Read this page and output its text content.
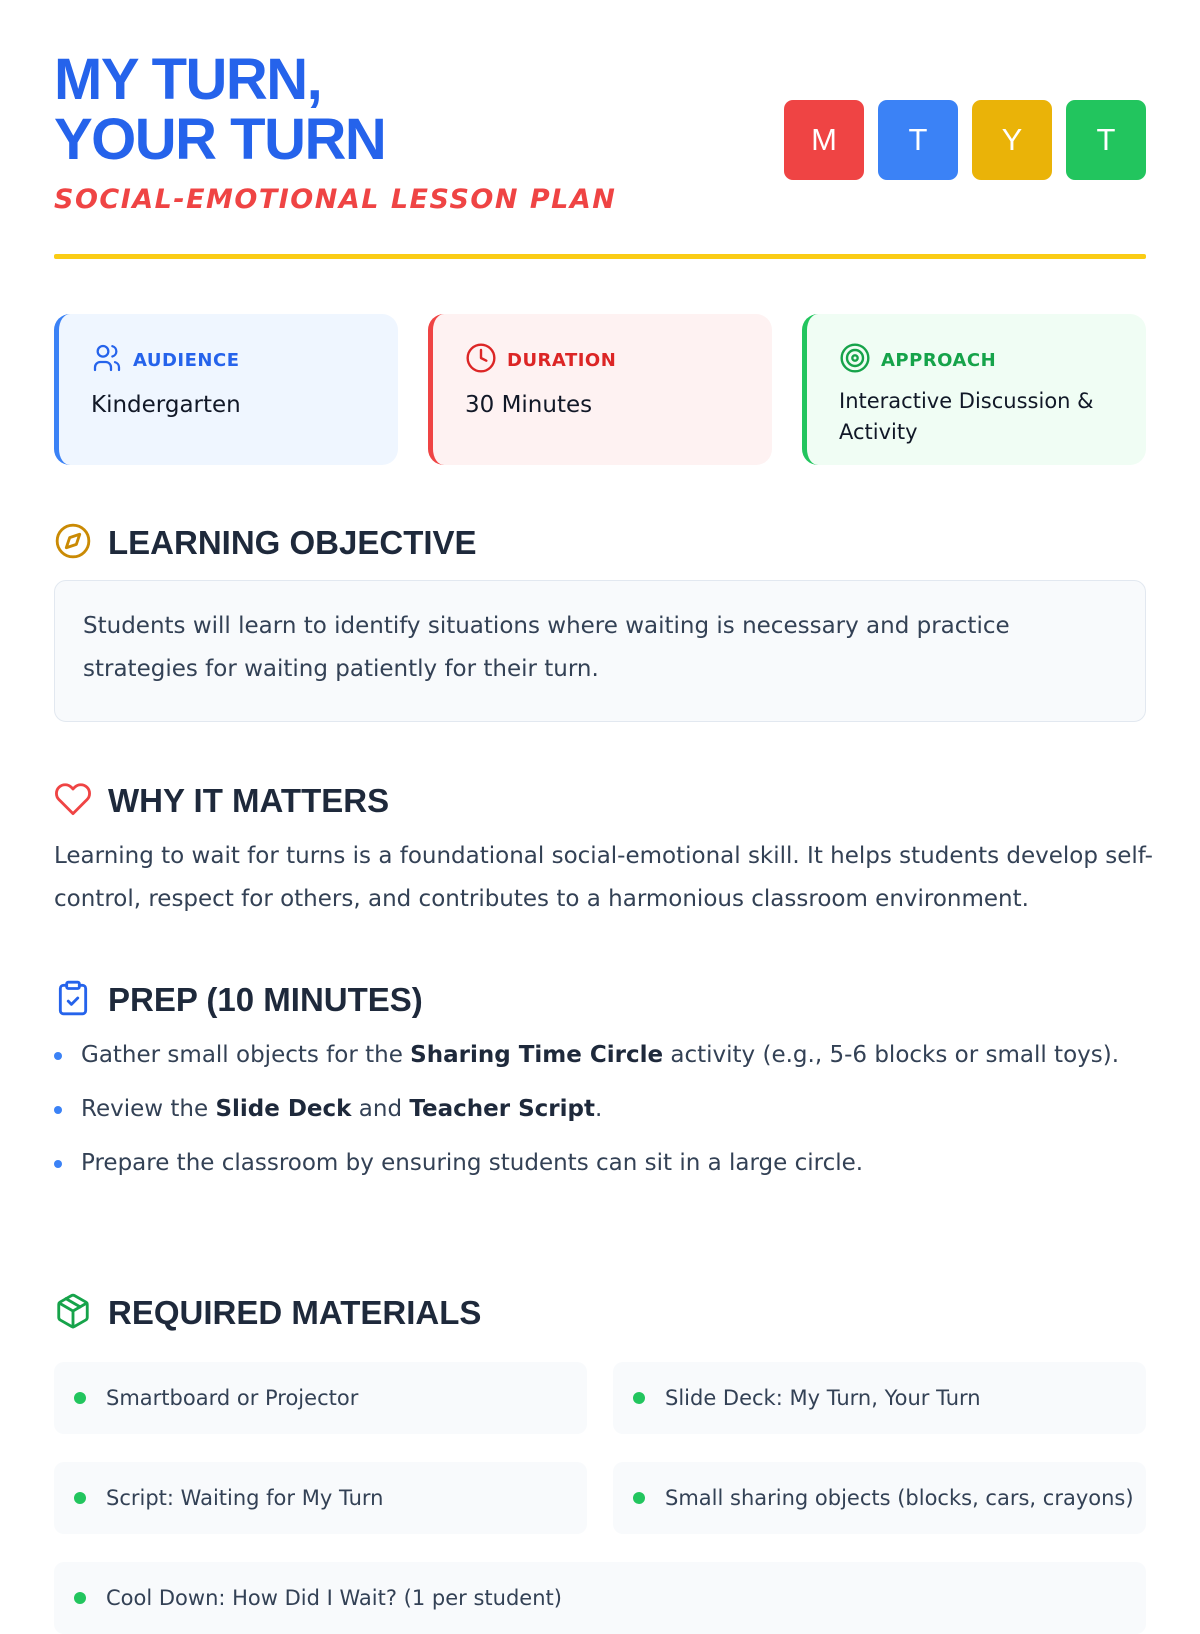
MY TURN,
YOUR TURN
SOCIAL-EMOTIONAL LESSON PLAN
M	T	Y	T
AUDIENCE
Kindergarten
DURATION
30 Minutes
APPROACH
Interactive Discussion & Activity
LEARNING OBJECTIVE
Students will learn to identify situations where waiting is necessary and practice strategies for waiting patiently for their turn.
WHY IT MATTERS
Learning to wait for turns is a foundational social-emotional skill. It helps students develop self-control, respect for others, and contributes to a harmonious classroom environment.
PREP (10 MINUTES)
Gather small objects for the Sharing Time Circle activity (e.g., 5-6 blocks or small toys).
Review the Slide Deck and Teacher Script.
Prepare the classroom by ensuring students can sit in a large circle.
REQUIRED MATERIALS
Smartboard or Projector	Slide Deck: My Turn, Your Turn
Script: Waiting for My Turn	Small sharing objects (blocks, cars, crayons)
Cool Down: How Did I Wait? (1 per student)
